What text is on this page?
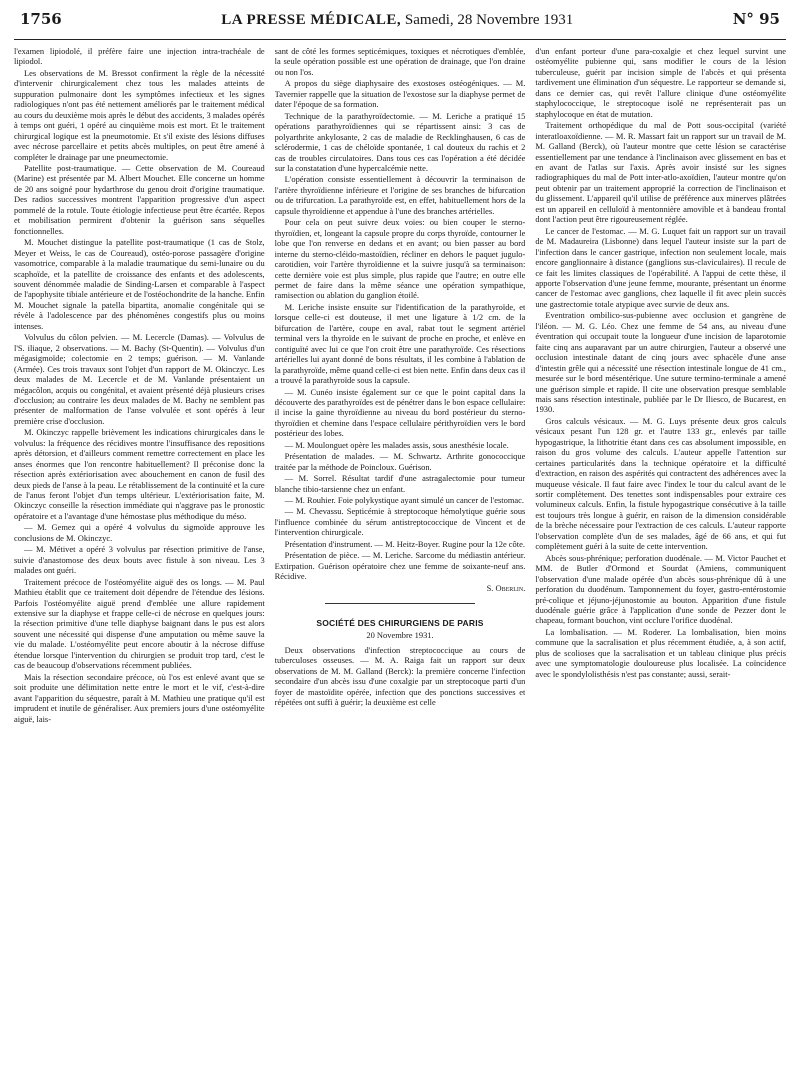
1756	LA PRESSE MÉDICALE, Samedi, 28 Novembre 1931	N° 95

l'examen lipiodolé, il préfère faire une injection intra-trachéale de lipiodol.

Les observations de M. Bressot confirment la règle de la nécessité d'intervenir chirurgicalement chez tous les malades atteints de suppuration pulmonaire dont les symptômes infectieux et les signes radiologiques n'ont pas été nettement améliorés par le traitement médical au cours du deuxième mois après le début des accidents, 3 malades opérés à temps ont guéri, 1 opéré au cinquième mois est mort. Et le traitement chirurgical logique est la pneumotomie. Et s'il existe des lésions diffuses avec nécrose parcellaire et petits abcès multiples, on peut être amené à compléter le drainage par une pneumectomie.

Patellite post-traumatique. — Cette observation de M. Coureaud (Marine) est présentée par M. Albert Mouchet. Elle concerne un homme de 20 ans soigné pour hydarthrose du genou droit d'origine traumatique. Des radios successives montrent l'apparition progressive d'un aspect pommelé de la rotule. Toute étiologie infectieuse peut être écartée. Repos et mobilisation permirent d'obtenir la guérison sans séquelles fonctionnelles.

M. Mouchet distingue la patellite post-traumatique (1 cas de Stolz, Meyer et Weiss, le cas de Coureaud), ostéo-porose passagère d'origine vasomotrice, comparable à la maladie traumatique du semi-lunaire ou du scaphoïde, et la patellite de croissance des enfants et des adolescents, souvent dénommée maladie de Sinding-Larsen et comparable à l'aspect de l'apophysite tibiale antérieure et de l'ostéochondrite de la hanche. Enfin M. Mouchet signale la patella bipartita, anomalie congénitale qui se révèle à l'adolescence par des phénomènes congestifs plus ou moins intenses.

Volvulus du côlon pelvien. — M. Lecercle (Damas). — Volvulus de l'S. iliaque, 2 observations. — M. Bachy (St-Quentin). — Volvulus d'un mégasigmoïde; colectomie en 2 temps; guérison. — M. Vanlande (Armée). Ces trois travaux sont l'objet d'un rapport de M. Okinczyc. Les deux malades de M. Lecercle et de M. Vanlande présentaient un mégacôlon, acquis ou congénital, et avaient présenté déjà plusieurs crises d'occlusion; au contraire les deux malades de M. Bachy ne semblent pas présenter de malformation de l'anse volvulée et sont opérés à leur première crise d'occlusion.

M. Okinczyc rappelle brièvement les indications chirurgicales dans le volvulus: la fréquence des récidives montre l'insuffisance des repositions après détorsion, et d'ailleurs comment remettre correctement en place les anses énormes que l'on rencontre habituellement? Il préconise donc la résection après extériorisation avec abouchement en canon de fusil des deux pieds de l'anse à la peau. Le rétablissement de la continuité et la cure de l'anus feront l'objet d'un temps ultérieur. L'extériorisation faite, M. Okinczyc conseille la résection immédiate qui n'aggrave pas le pronostic opératoire et a l'avantage d'une hémostase plus méthodique du méso.

— M. Gemez qui a opéré 4 volvulus du sigmoïde approuve les conclusions de M. Okinczyc.

— M. Métivet a opéré 3 volvulus par résection primitive de l'anse, suivie d'anastomose des deux bouts avec fistule à son niveau. Les 3 malades ont guéri.

Traitement précoce de l'ostéomyélite aiguë des os longs. — M. Paul Mathieu établit que ce traitement doit dépendre de l'étendue des lésions. Parfois l'ostéomyélite aiguë prend d'emblée une allure rapidement extensive sur la diaphyse et frappe celle-ci de nécrose en quelques jours: la résection primitive d'une telle diaphyse baignant dans le pus est alors souvent une nécessité qui dispense d'une amputation ou même sauve la vie du malade. L'ostéomyélite peut encore aboutir à la nécrose diffuse étendue lorsque l'intervention du chirurgien se produit trop tard, c'est le cas de beaucoup d'observations récemment publiées.

Mais la résection secondaire précoce, où l'os est enlevé avant que se soit produite une délimitation nette entre le mort et le vif, c'est-à-dire avant l'apparition du séquestre, paraît à M. Mathieu une pratique qu'il est imprudent et inutile de généraliser. Aux premiers jours d'une ostéomyélite aiguë, lais-

sant de côté les formes septicémiques, toxiques et nécrotiques d'emblée, la seule opération possible est une opération de drainage, que l'on draine ou non l'os.

A propos du siège diaphysaire des exostoses ostéogéniques. — M. Tavernier rappelle que la situation de l'exostose sur la diaphyse permet de dater l'époque de sa formation.

Technique de la parathyroïdectomie. — M. Leriche a pratiqué 15 opérations parathyroïdiennes qui se répartissent ainsi: 3 cas de polyarthrite ankylosante, 2 cas de maladie de Recklinghausen, 6 cas de sclérodermie, 1 cas de chéloïde spontanée, 1 cal douteux du rachis et 2 cas de troubles circulatoires. Dans tous ces cas l'opération a été décidée sur la constatation d'une hypercalcémie nette.

L'opération consiste essentiellement à découvrir la terminaison de l'artère thyroïdienne inférieure et l'origine de ses branches de bifurcation ou de trifurcation. La parathyroïde est, en effet, habituellement hors de la capsule thyroïdienne et appendue à l'une des branches artérielles.

Pour cela on peut suivre deux voies: ou bien couper le sterno-thyroïdien, et, longeant la capsule propre du corps thyroïde, contourner le lobe que l'on renverse en dedans et en avant; ou bien passer au bord interne du sterno-cléido-mastoïdien, récliner en dehors le paquet jugulo-carotidien, voir l'artère thyroïdienne et la suivre jusqu'à sa terminaison: cette dernière voie est plus simple, plus rapide que l'autre; en outre elle permet de faire dans la même séance une opération sympathique, ramisection ou ablation du ganglion étoilé.

M. Leriche insiste ensuite sur l'identification de la parathyroïde, et lorsque celle-ci est douteuse, il met une ligature à 1/2 cm. de la bifurcation de l'artère, coupe en aval, rabat tout le segment artériel terminal vers la thyroïde en le suivant de proche en proche, et enlève en contiguïté avec lui ce que l'on croit être une parathyroïde. Ces résections artérielles lui ayant donné de bons résultats, il les combine à l'ablation de la parathyroïde, même quand celle-ci est bien nette. Enfin dans deux cas il a trouvé la parathyroïde sous la capsule.

— M. Cunéo insiste également sur ce que le point capital dans la découverte des parathyroïdes est de pénétrer dans le bon espace cellulaire: il incise la gaine thyroïdienne au niveau du bord postérieur du sterno-thyroïdien et chemine dans l'espace cellulaire périthyroïdien vers le bord postérieur des lobes.

— M. Moulonguet opère les malades assis, sous anesthésie locale.

Présentation de malades. — M. Schwartz. Arthrite gonococcique traitée par la méthode de Poincloux. Guérison.

— M. Sorrel. Résultat tardif d'une astragalectomie pour tumeur blanche tibio-tarsienne chez un enfant.

— M. Rouhier. Foie polykystique ayant simulé un cancer de l'estomac.

— M. Chevassu. Septicémie à streptocoque hémolytique guérie sous l'influence combinée du sérum antistreptococcique de Vincent et de l'intervention chirurgicale.

Présentation d'instrument. — M. Heitz-Boyer. Rugine pour la 12e côte.

Présentation de pièce. — M. Leriche. Sarcome du médiastin antérieur. Extirpation. Guérison opératoire chez une femme de soixante-neuf ans. Récidive.

S. Oberlin.

SOCIÉTÉ DES CHIRURGIENS DE PARIS
20 Novembre 1931.

Deux observations d'infection streptococcique au cours de tuberculoses osseuses. — M. A. Raiga fait un rapport sur deux observations de M. M. Galland (Berck): la première concerne l'infection secondaire d'un abcès issu d'une coxalgie par un streptocoque parti d'un foyer de mastoïdite opérée, infection que des ponctions successives et répétées ont suffi à guérir; la deuxième est celle

d'un enfant porteur d'une para-coxalgie et chez lequel survint une ostéomyélite pubienne qui, sans modifier le cours de la lésion tuberculeuse, guérit par incision simple de l'abcès et qui présenta tardivement une élimination d'un séquestre. Le rapporteur se demande si, dans ce dernier cas, qui revêt l'allure clinique d'une ostéomyélite staphylococcique, le streptocoque isolé ne représenterait pas un staphylocoque en état de mutation.

Traitement orthopédique du mal de Pott sous-occipital (variété interatloaxoïdienne. — M. R. Massart fait un rapport sur un travail de M. M. Galland (Berck), où l'auteur montre que cette lésion se caractérise essentiellement par une tendance à l'inclinaison avec glissement en bas et en avant de l'atlas sur l'axis. Après avoir insisté sur les signes radiographiques du mal de Pott inter-atlo-axoïdien, l'auteur montre qu'on peut obtenir par un traitement approprié la correction de l'inclinaison et du glissement. L'appareil qu'il utilise de préférence aux minerves plâtrées est un appareil en celluloïd à mentonnière amovible et à bandeau frontal dont l'action peut être rigoureusement réglée.

Le cancer de l'estomac. — M. G. Luquet fait un rapport sur un travail de M. Madaureira (Lisbonne) dans lequel l'auteur insiste sur la part de l'infection dans le cancer gastrique, infection non seulement locale, mais encore ganglionnaire à distance (ganglions sus-claviculaires). Il recule de ce fait les limites classiques de l'opérabilité. A l'appui de cette thèse, il apporte l'observation d'une jeune femme, mourante, présentant un énorme cancer de l'estomac avec ganglions, chez laquelle il fit avec plein succès une gastrectomie totale atypique avec survie de deux ans.

Eventration ombilico-sus-pubienne avec occlusion et gangrène de l'iléon. — M. G. Léo. Chez une femme de 54 ans, au niveau d'une éventration qui occupait toute la longueur d'une incision de laparotomie faite cinq ans auparavant par un autre chirurgien, l'auteur a observé une occlusion intestinale datant de cinq jours avec sphacèle d'une anse d'intestin grêle qui a nécessité une résection intestinale longue de 41 cm., mesurée sur le bord mésentérique. Une suture termino-terminale a amené une guérison simple et rapide. Il cite une observation presque semblable mais sans résection intestinale, publiée par le Dr Iliesco, de Bucarest, en 1930.

Gros calculs vésicaux. — M. G. Luys présente deux gros calculs vésicaux pesant l'un 128 gr. et l'autre 133 gr., enlevés par taille hypogastrique, la lithotritie étant dans ces cas absolument impossible, en raison du gros volume des calculs. L'auteur appelle l'attention sur certaines particularités dans la technique opératoire et la difficulté d'extraction, en raison des aspérités qui contractent des adhérences avec la muqueuse vésicale. Il faut faire avec l'index le tour du calcul avant de le sortir complètement. Des tenettes sont indispensables pour extraire ces volumineux calculs. Enfin, la fistule hypogastrique consécutive à la taille est toujours très longue à guérir, en raison de la dimension considérable de la brèche nécessaire pour l'extraction de ces calculs. L'auteur rapporte l'observation complète d'un de ses malades, âgé de 66 ans, et qui fut complètement guéri à la suite de cette intervention.

Abcès sous-phrénique; perforation duodénale. — M. Victor Pauchet et MM. de Butler d'Ormond et Sourdat (Amiens, communiquent l'observation d'une malade opérée d'un abcès sous-phrénique dû à une perforation du duodénum. Tamponnement du foyer, gastro-entérostomie pré-colique et jéjuno-jéjunostomie au bouton. Apparition d'une fistule duodénale guérie grâce à l'application d'une sonde de Pezzer dont le chapeau, formant bouchon, vint occlure l'orifice duodénal.

La lombalisation. — M. Roderer. La lombalisation, bien moins commune que la sacralisation et plus récemment étudiée, a, à son actif, plus de scolioses que la sacralisation et un tableau clinique plus précis avec une symptomatologie douloureuse plus localisée. La coïncidence avec le spondylolisthésis n'est pas constante; aussi, serait-
